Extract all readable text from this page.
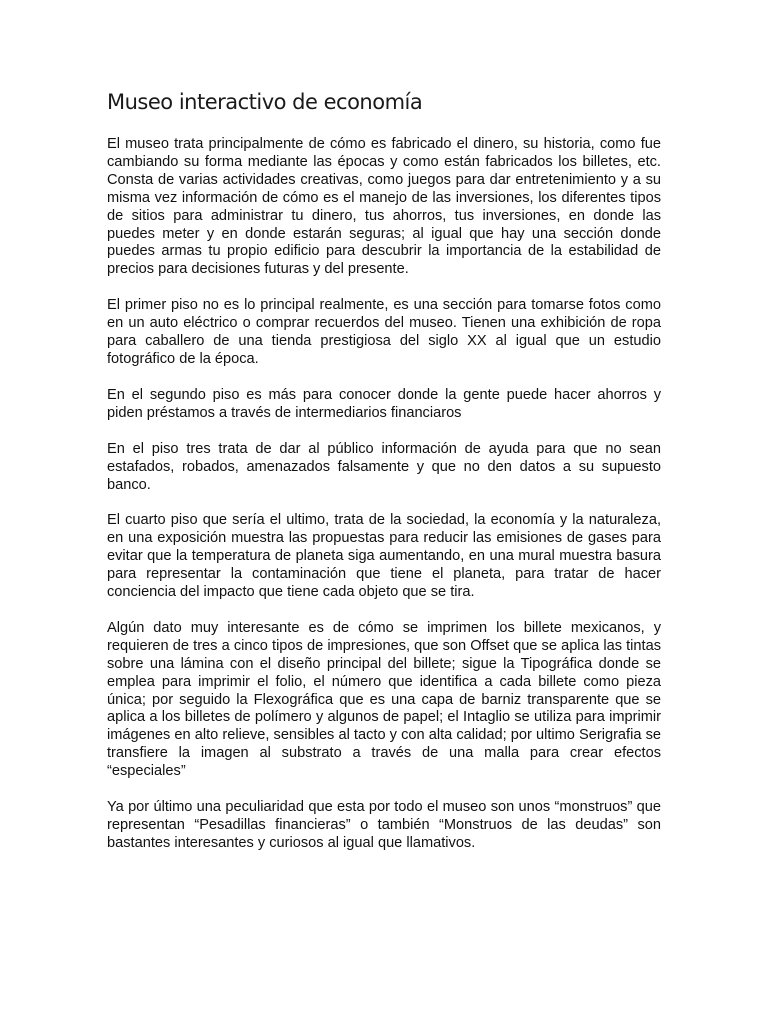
Museo interactivo de economía

El museo trata principalmente de cómo es fabricado el dinero, su historia, como fue cambiando su forma mediante las épocas y como están fabricados los billetes, etc. Consta de varias actividades creativas, como juegos para dar entretenimiento y a su misma vez información de cómo es el manejo de las inversiones, los diferentes tipos de sitios para administrar tu dinero, tus ahorros, tus inversiones, en donde las puedes meter y en donde estarán seguras; al igual que hay una sección donde puedes armas tu propio edificio para descubrir la importancia de la estabilidad de precios para decisiones futuras y del presente.

El primer piso no es lo principal realmente, es una sección para tomarse fotos como en un auto eléctrico o comprar recuerdos del museo. Tienen una exhibición de ropa para caballero de una tienda prestigiosa del siglo XX al igual que un estudio fotográfico de la época.

En el segundo piso es más para conocer donde la gente puede hacer ahorros y piden préstamos a través de intermediarios financiaros

En el piso tres trata de dar al público información de ayuda para que no sean estafados, robados, amenazados falsamente y que no den datos a su supuesto banco.

El cuarto piso que sería el ultimo, trata de la sociedad, la economía y la naturaleza, en una exposición muestra las propuestas para reducir las emisiones de gases para evitar que la temperatura de planeta siga aumentando, en una mural muestra basura para representar la contaminación que tiene el planeta, para tratar de hacer conciencia del impacto que tiene cada objeto que se tira.

Algún dato muy interesante es de cómo se imprimen los billete mexicanos, y requieren de tres a cinco tipos de impresiones, que son Offset que se aplica las tintas sobre una lámina con el diseño principal del billete; sigue la Tipográfica donde se emplea para imprimir el folio, el número que identifica a cada billete como pieza única; por seguido la Flexográfica que es una capa de barniz transparente que se aplica a los billetes de polímero y algunos de papel; el Intaglio se utiliza para imprimir imágenes en alto relieve, sensibles al tacto y con alta calidad; por ultimo Serigrafia se transfiere la imagen al substrato a través de una malla para crear efectos “especiales”

Ya por último una peculiaridad que esta por todo el museo son unos “monstruos” que representan “Pesadillas financieras” o también “Monstruos de las deudas” son bastantes interesantes y curiosos al igual que llamativos.
